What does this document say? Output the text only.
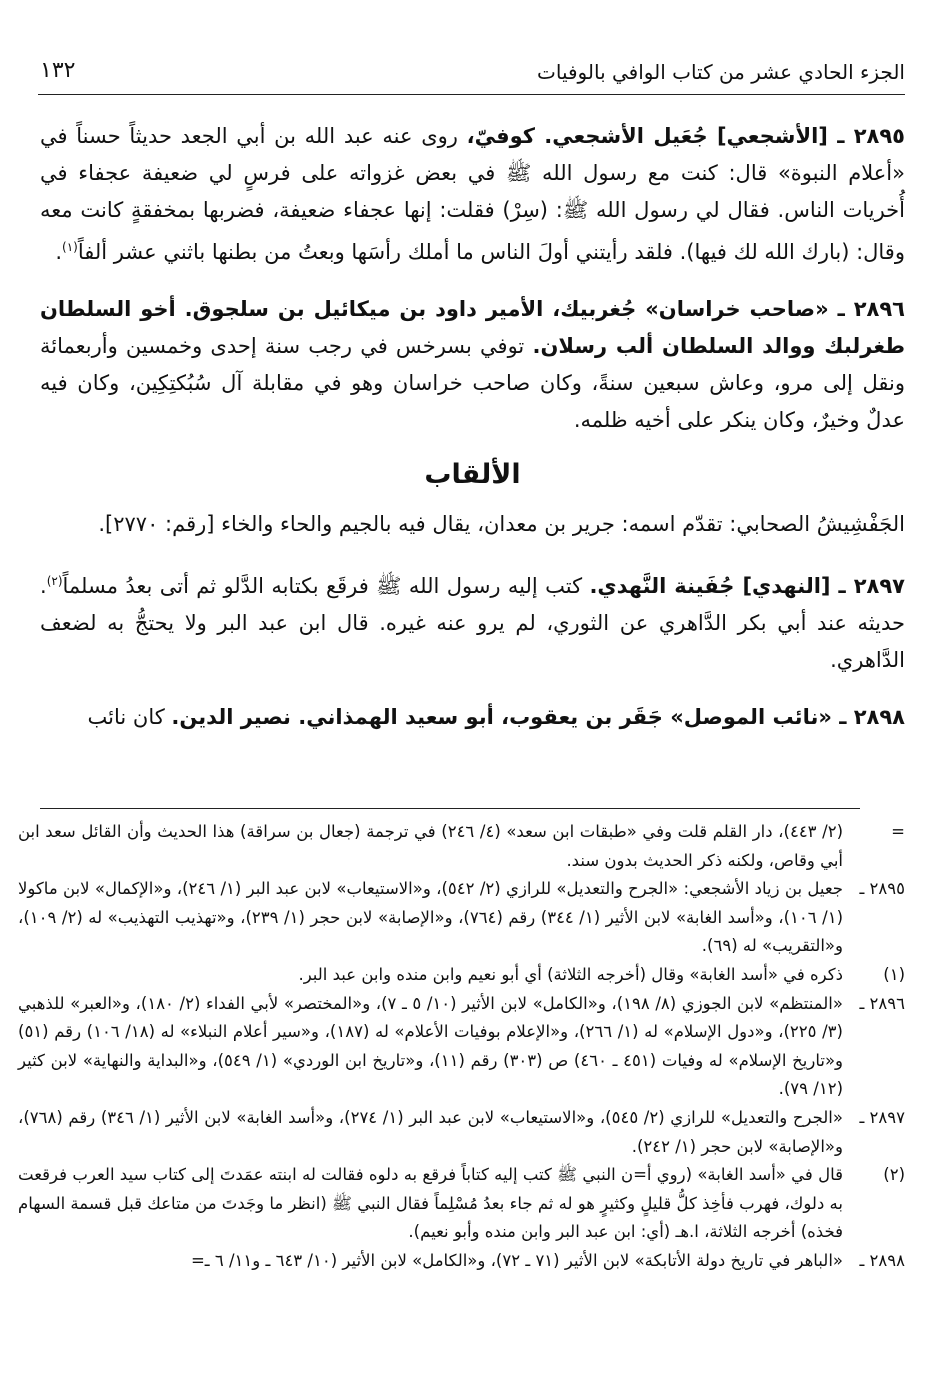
الجزء الحادي عشر من كتاب الوافي بالوفيات
١٣٢

٢٨٩٥ ـ [الأشجعي] جُعَيل الأشجعي. كوفيّ، روى عنه عبد الله بن أبي الجعد حديثاً حسناً في «أعلام النبوة» قال: كنت مع رسول الله ﷺ في بعض غزواته على فرسٍ لي ضعيفة عجفاء في أُخريات الناس. فقال لي رسول الله ﷺ: (سِرْ) فقلت: إنها عجفاء ضعيفة، فضربها بمخفقةٍ كانت معه وقال: (بارك الله لك فيها). فلقد رأيتني أولَ الناس ما أملك رأسَها وبعتُ من بطنها باثني عشر ألفاً$^{(١)}$.

٢٨٩٦ ـ «صاحب خراسان» جُغربيك، الأمير داود بن ميكائيل بن سلجوق. أخو السلطان طغرلبك ووالد السلطان ألب رسلان. توفي بسرخس في رجب سنة إحدى وخمسين وأربعمائة ونقل إلى مرو، وعاش سبعين سنةً، وكان صاحب خراسان وهو في مقابلة آل سُبُكتِكِين، وكان فيه عدلٌ وخيرٌ، وكان ينكر على أخيه ظلمه.

الألقاب

الجَفْشِيشُ الصحابي: تقدّم اسمه: جرير بن معدان، يقال فيه بالجيم والحاء والخاء [رقم: ٢٧٧٠].

٢٨٩٧ ـ [النهدي] جُفَينة النَّهدي. كتب إليه رسول الله ﷺ فرقَع بكتابه الدَّلو ثم أتى بعدُ مسلماً$^{(٢)}$. حديثه عند أبي بكر الدَّاهري عن الثوري، لم يرو عنه غيره. قال ابن عبد البر ولا يحتجُّ به لضعف الدَّاهري.

٢٨٩٨ ـ «نائب الموصل» جَقَر بن يعقوب، أبو سعيد الهمذاني. نصير الدين. كان نائب

=
(٢/ ٤٤٣)، دار القلم قلت وفي «طبقات ابن سعد» (٤/ ٢٤٦) في ترجمة (جعال بن سراقة) هذا الحديث وأن القائل سعد ابن أبي وقاص، ولكنه ذكر الحديث بدون سند.
٢٨٩٥ ـ
جعيل بن زياد الأشجعي: «الجرح والتعديل» للرازي (٢/ ٥٤٢)، و«الاستيعاب» لابن عبد البر (١/ ٢٤٦)، و«الإكمال» لابن ماكولا (١/ ١٠٦)، و«أسد الغابة» لابن الأثير (١/ ٣٤٤) رقم (٧٦٤)، و«الإصابة» لابن حجر (١/ ٢٣٩)، و«تهذيب التهذيب» له (٢/ ١٠٩)، و«التقريب» له (٦٩).
(١)
ذكره في «أسد الغابة» وقال (أخرجه الثلاثة) أي أبو نعيم وابن منده وابن عبد البر.
٢٨٩٦ ـ
«المنتظم» لابن الجوزي (٨/ ١٩٨)، و«الكامل» لابن الأثير (١٠/ ٥ ـ ٧)، و«المختصر» لأبي الفداء (٢/ ١٨٠)، و«العبر» للذهبي (٣/ ٢٢٥)، و«دول الإسلام» له (١/ ٢٦٦)، و«الإعلام بوفيات الأعلام» له (١٨٧)، و«سير أعلام النبلاء» له (١٨/ ١٠٦) رقم (٥١) و«تاريخ الإسلام» له وفيات (٤٥١ ـ ٤٦٠) ص (٣٠٣) رقم (١١)، و«تاريخ ابن الوردي» (١/ ٥٤٩)، و«البداية والنهاية» لابن كثير (١٢/ ٧٩).
٢٨٩٧ ـ
«الجرح والتعديل» للرازي (٢/ ٥٤٥)، و«الاستيعاب» لابن عبد البر (١/ ٢٧٤)، و«أسد الغابة» لابن الأثير (١/ ٣٤٦) رقم (٧٦٨)، و«الإصابة» لابن حجر (١/ ٢٤٢).
(٢)
قال في «أسد الغابة» (روي أ=ن النبي ﷺ كتب إليه كتاباً فرقع به دلوه فقالت له ابنته عمَدتَ إلى كتاب سيد العرب فرقعت به دلوك، فهرب فأخِذ كلُّ قليلٍ وكثيرٍ هو له ثم جاء بعدُ مُسْلِماً فقال النبي ﷺ (انظر ما وجَدتَ من متاعك قبل قسمة السهام فخذه) أخرجه الثلاثة، ا.هـ (أي: ابن عبد البر وابن منده وأبو نعيم).
٢٨٩٨ ـ
«الباهر في تاريخ دولة الأتابكة» لابن الأثير (٧١ ـ ٧٢)، و«الكامل» لابن الأثير (١٠/ ٦٤٣ ـ و١١/ ٦ ـ=
